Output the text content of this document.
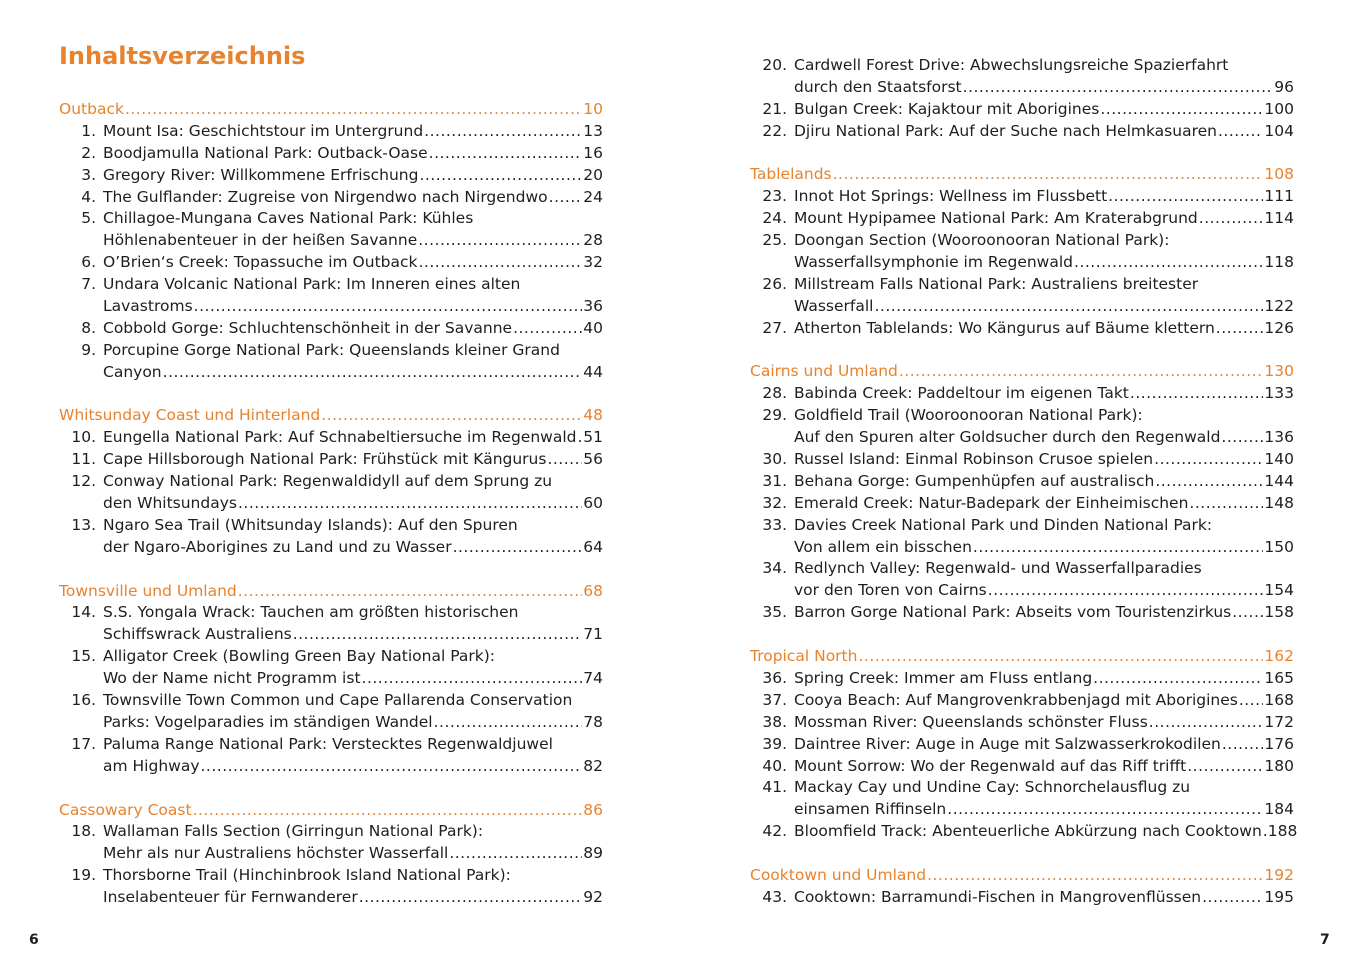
Inhaltsverzeichnis
Outback .....	10
1. Mount Isa: Geschichtstour im Untergrund .....	13
2. Boodjamulla National Park: Outback-Oase .....	16
3. Gregory River: Willkommene Erfrischung .....	20
4. The Gulflander: Zugreise von Nirgendwo nach Nirgendwo ..... 24
5. Chillagoe-Mungana Caves National Park: Kühles
Höhlenabenteuer in der heißen Savanne .....	28
6. O’Brien‘s Creek: Topassuche im Outback .....	32
7. Undara Volcanic National Park: Im Inneren eines alten
Lavastroms .....	36
8. Cobbold Gorge: Schluchtenschönheit in der Savanne .....	40
9. Porcupine Gorge National Park: Queenslands kleiner Grand
Canyon .....	44
Whitsunday Coast und Hinterland .....	48
10. Eungella National Park: Auf Schnabeltiersuche im Regenwald ..... 51
11. Cape Hillsborough National Park: Frühstück mit Kängurus ..... 56
12. Conway National Park: Regenwaldidyll auf dem Sprung zu
den Whitsundays .....	60
13. Ngaro Sea Trail (Whitsunday Islands): Auf den Spuren
der Ngaro-Aborigines zu Land und zu Wasser .....	64
Townsville und Umland .....	68
14. S.S. Yongala Wrack: Tauchen am größten historischen
Schiffswrack Australiens .....	71
15. Alligator Creek (Bowling Green Bay National Park):
Wo der Name nicht Programm ist .....	74
16. Townsville Town Common und Cape Pallarenda Conservation
Parks: Vogelparadies im ständigen Wandel .....	78
17. Paluma Range National Park: Verstecktes Regenwaldjuwel
am Highway .....	82
Cassowary Coast .....	86
18. Wallaman Falls Section (Girringun National Park):
Mehr als nur Australiens höchster Wasserfall .....	89
19. Thorsborne Trail (Hinchinbrook Island National Park):
Inselabenteuer für Fernwanderer .....	92
20. Cardwell Forest Drive: Abwechslungsreiche Spazierfahrt
durch den Staatsforst .....	96
21. Bulgan Creek: Kajaktour mit Aborigines .....	100
22. Djiru National Park: Auf der Suche nach Helmkasuaren .....	104
Tablelands .....	108
23. Innot Hot Springs: Wellness im Flussbett .....	111
24. Mount Hypipamee National Park: Am Kraterabgrund .....	114
25. Doongan Section (Wooroonooran National Park):
Wasserfallsymphonie im Regenwald .....	118
26. Millstream Falls National Park: Australiens breitester
Wasserfall .....	122
27. Atherton Tablelands: Wo Kängurus auf Bäume klettern .....	126
Cairns und Umland .....	130
28. Babinda Creek: Paddeltour im eigenen Takt .....	133
29. Goldfield Trail (Wooroonooran National Park):
Auf den Spuren alter Goldsucher durch den Regenwald .....	136
30. Russel Island: Einmal Robinson Crusoe spielen .....	140
31. Behana Gorge: Gumpenhüpfen auf australisch .....	144
32. Emerald Creek: Natur-Badepark der Einheimischen .....	148
33. Davies Creek National Park und Dinden National Park:
Von allem ein bisschen .....	150
34. Redlynch Valley: Regenwald- und Wasserfallparadies
vor den Toren von Cairns .....	154
35. Barron Gorge National Park: Abseits vom Touristenzirkus ..... 158
Tropical North .....	162
36. Spring Creek: Immer am Fluss entlang .....	165
37. Cooya Beach: Auf Mangrovenkrabbenjagd mit Aborigines ..... 168
38. Mossman River: Queenslands schönster Fluss .....	172
39. Daintree River: Auge in Auge mit Salzwasserkrokodilen .....	176
40. Mount Sorrow: Wo der Regenwald auf das Riff trifft .....	180
41. Mackay Cay und Undine Cay: Schnorchelausflug zu
einsamen Riffinseln .....	184
42. Bloomfield Track: Abenteuerliche Abkürzung nach Cooktown ..... 188
Cooktown und Umland .....	192
43. Cooktown: Barramundi-Fischen in Mangrovenflüssen .....	195
6	7
